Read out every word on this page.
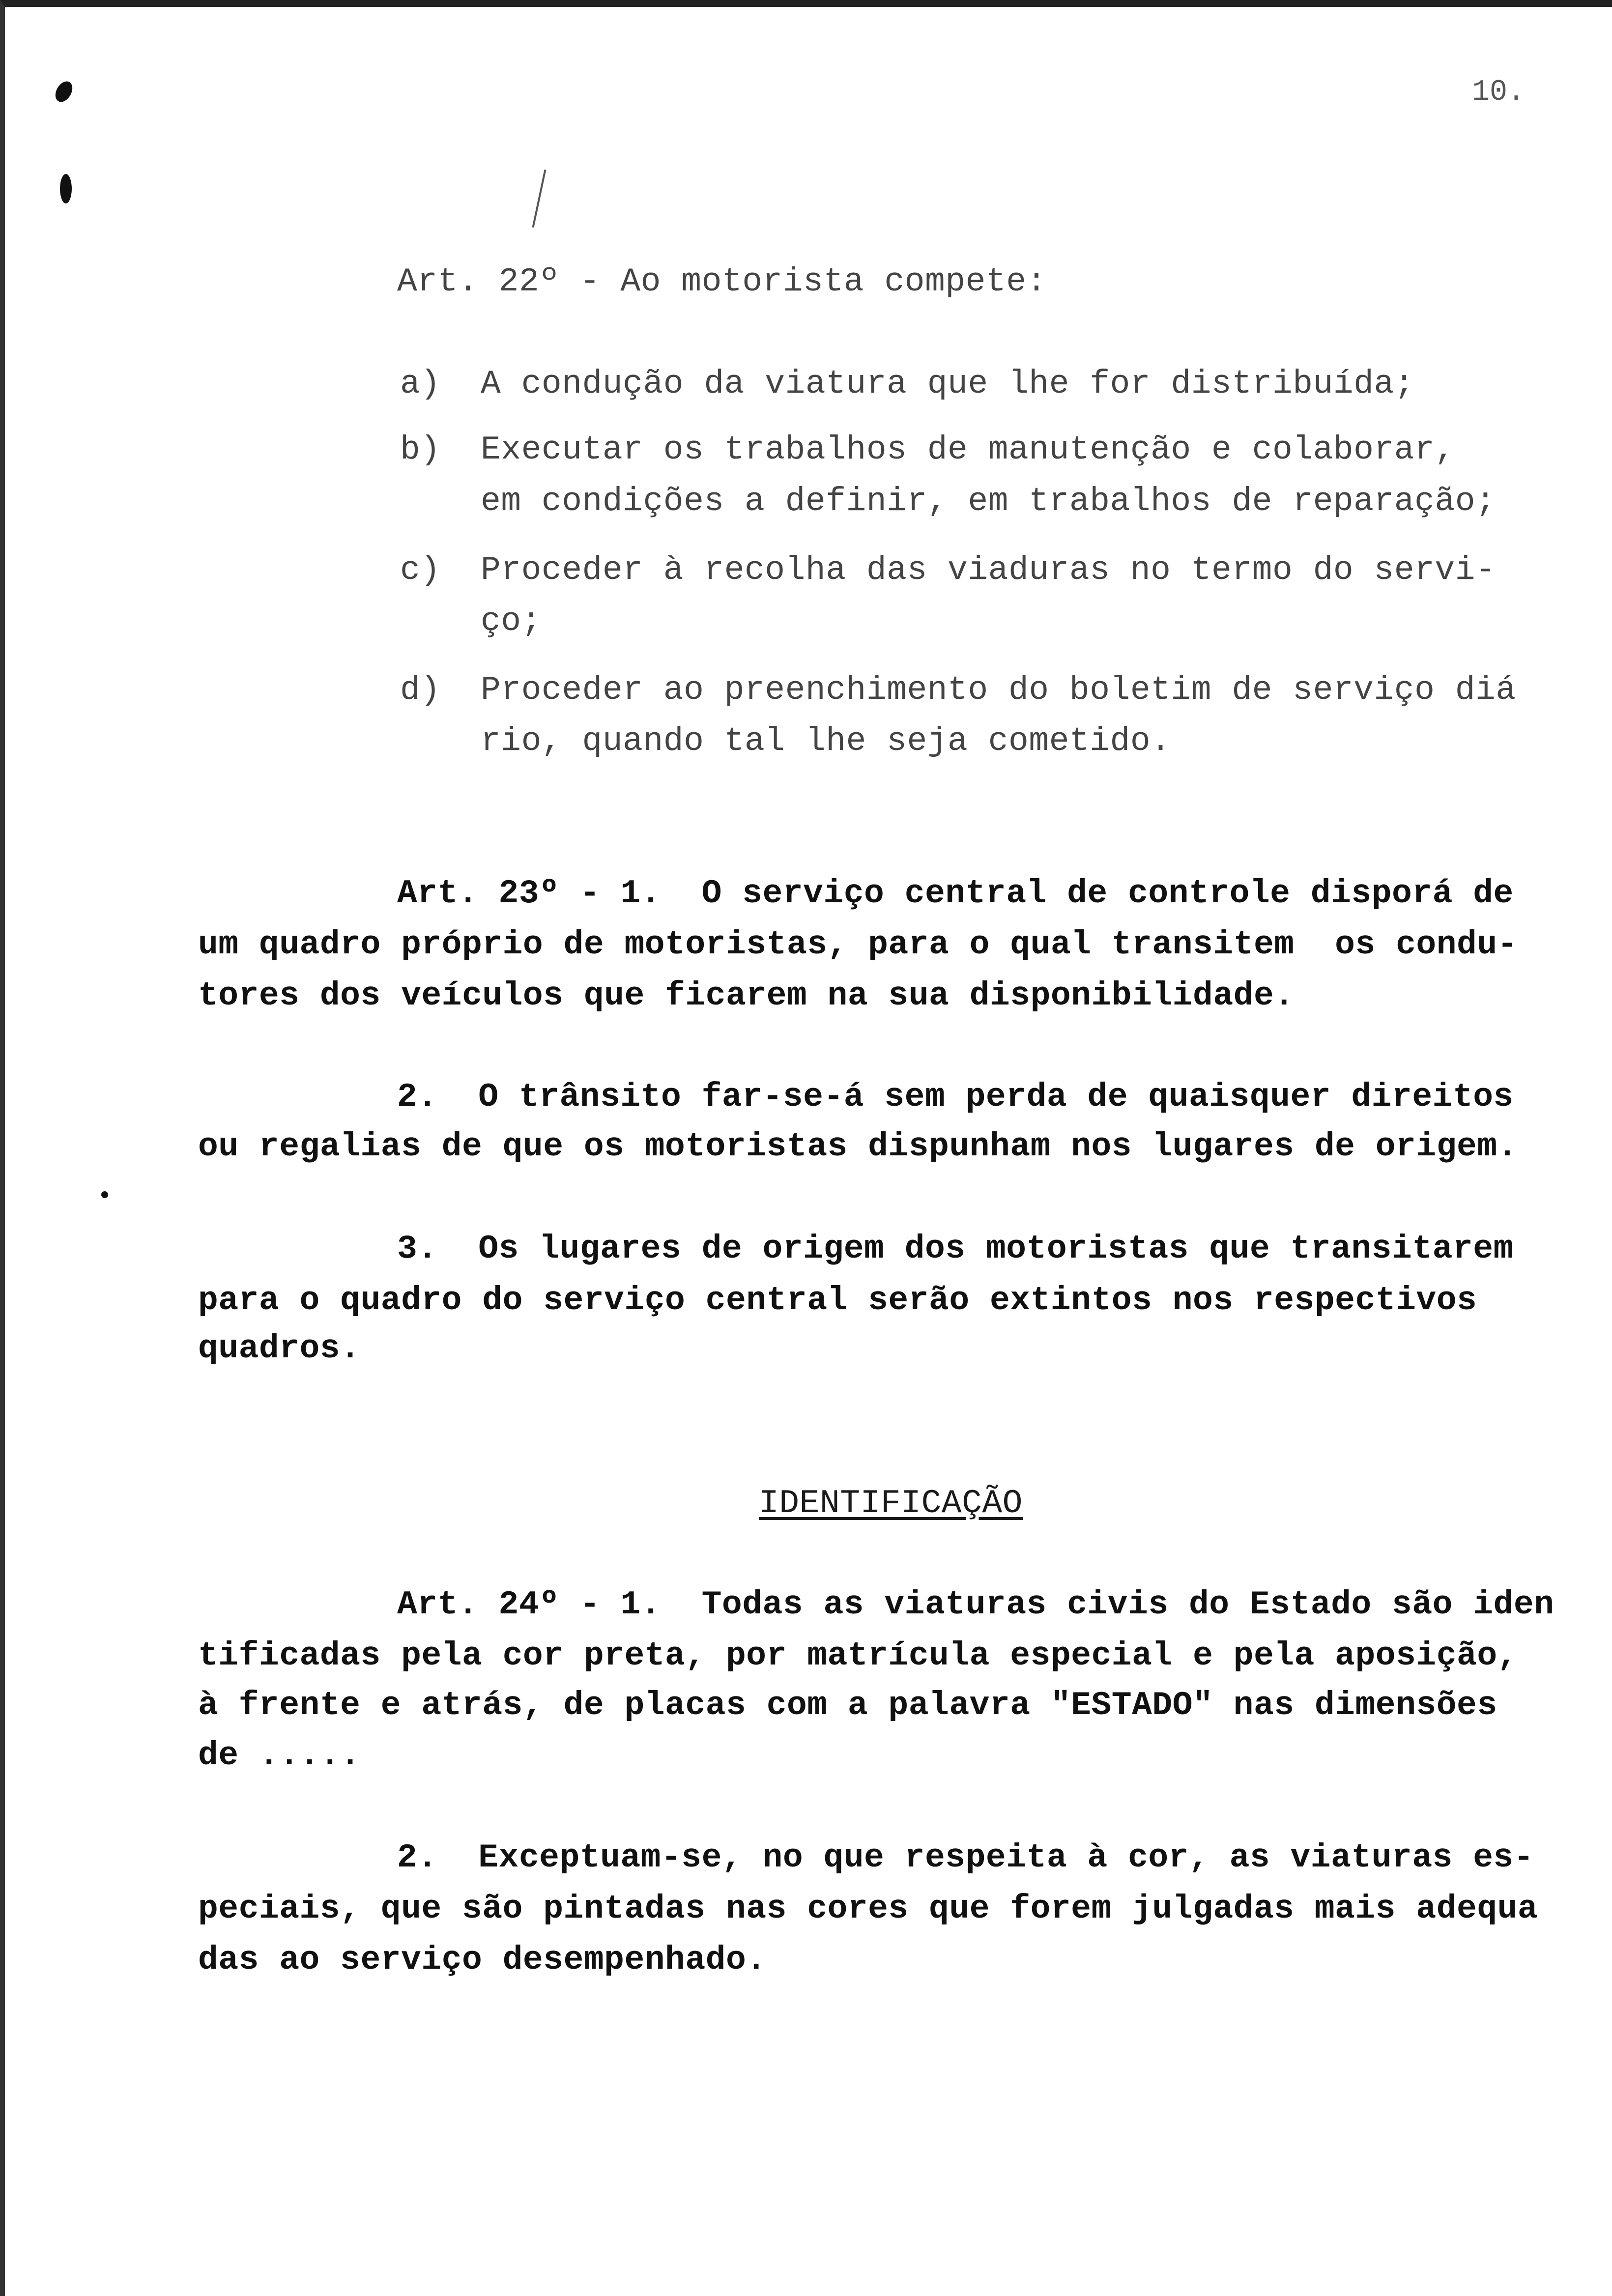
10.
Art. 22º - Ao motorista compete:
a) A condução da viatura que lhe for distribuída;
b) Executar os trabalhos de manutenção e colaborar,
em condições a definir, em trabalhos de reparação;
c) Proceder à recolha das viaduras no termo do servi-
ço;
d) Proceder ao preenchimento do boletim de serviço diá
rio, quando tal lhe seja cometido.
Art. 23º - 1.  O serviço central de controle disporá de
um quadro próprio de motoristas, para o qual transitem  os condu-
tores dos veículos que ficarem na sua disponibilidade.
2.  O trânsito far-se-á sem perda de quaisquer direitos
ou regalias de que os motoristas dispunham nos lugares de origem.
3.  Os lugares de origem dos motoristas que transitarem
para o quadro do serviço central serão extintos nos respectivos
quadros.
IDENTIFICAÇÃO
Art. 24º - 1.  Todas as viaturas civis do Estado são iden
tificadas pela cor preta, por matrícula especial e pela aposição,
à frente e atrás, de placas com a palavra "ESTADO" nas dimensões
de .....
2.  Exceptuam-se, no que respeita à cor, as viaturas es-
peciais, que são pintadas nas cores que forem julgadas mais adequa
das ao serviço desempenhado.
